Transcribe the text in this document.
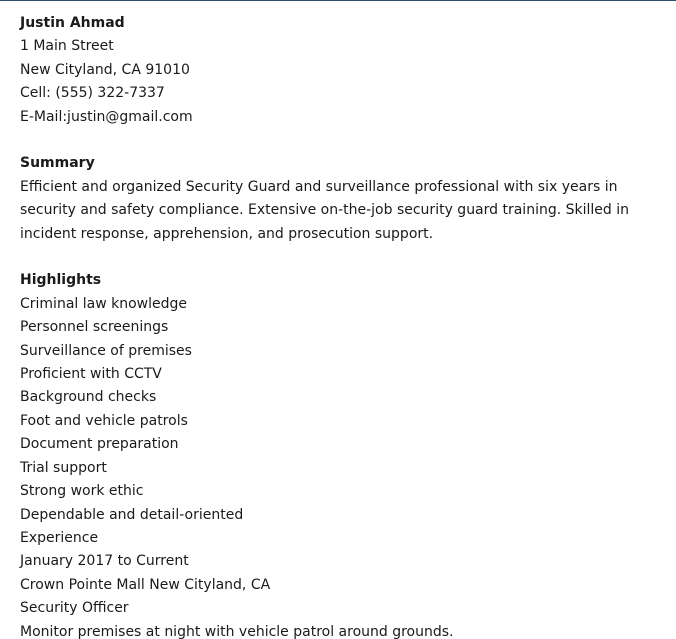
Justin Ahmad
1 Main Street
New Cityland, CA 91010
Cell: (555) 322-7337
E-Mail:justin@gmail.com
Summary
Efficient and organized Security Guard and surveillance professional with six years in security and safety compliance. Extensive on-the-job security guard training. Skilled in incident response, apprehension, and prosecution support.
Highlights
Criminal law knowledge
Personnel screenings
Surveillance of premises
Proficient with CCTV
Background checks
Foot and vehicle patrols
Document preparation
Trial support
Strong work ethic
Dependable and detail-oriented
Experience
January 2017 to Current
Crown Pointe Mall New Cityland, CA
Security Officer
Monitor premises at night with vehicle patrol around grounds.
